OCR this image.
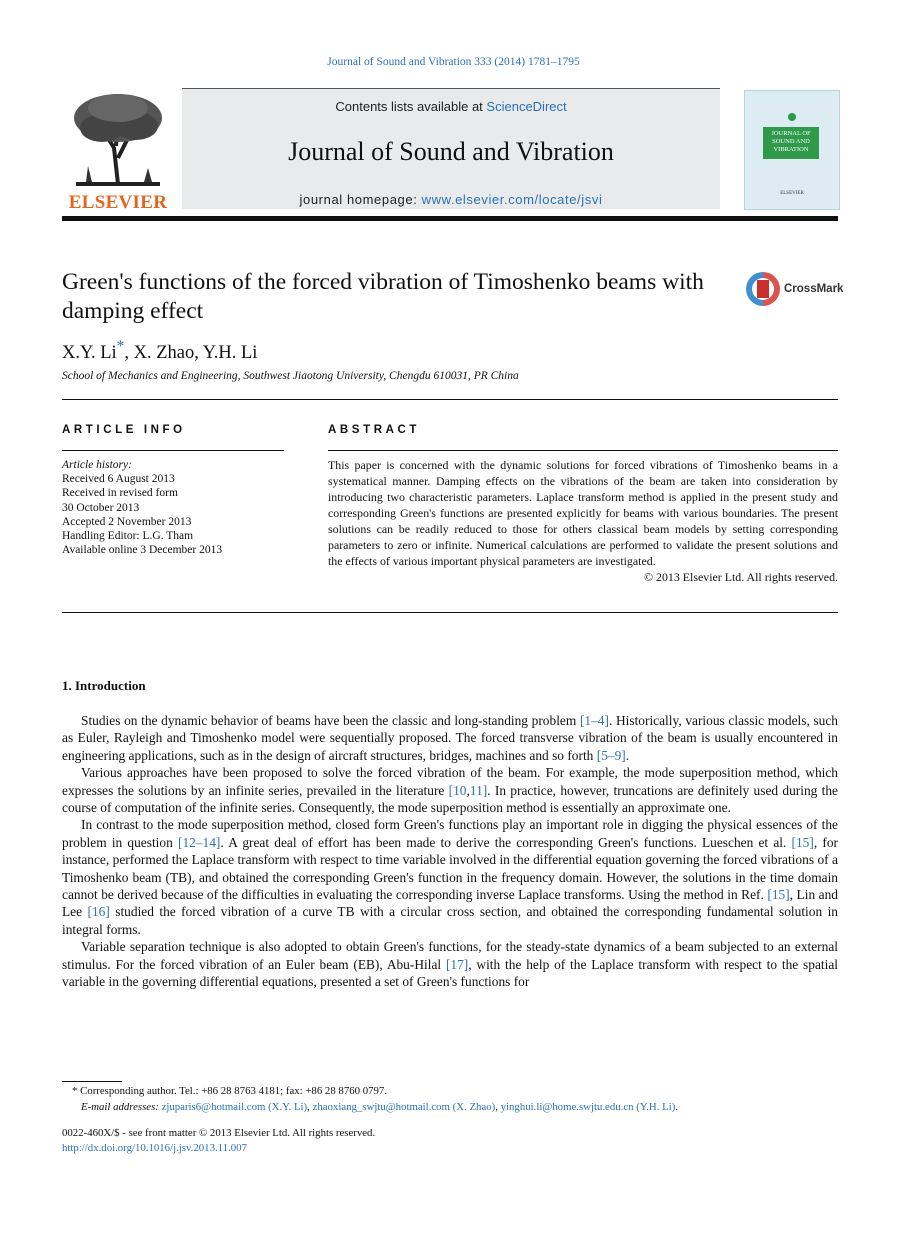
Journal of Sound and Vibration 333 (2014) 1781–1795
ELSEVIER
Contents lists available at ScienceDirect
Journal of Sound and Vibration
journal homepage: www.elsevier.com/locate/jsvi
JOURNAL OF SOUND AND VIBRATION
ELSEVIER
Green's functions of the forced vibration of Timoshenko beams with damping effect
CrossMark
X.Y. Li*, X. Zhao, Y.H. Li
School of Mechanics and Engineering, Southwest Jiaotong University, Chengdu 610031, PR China
ARTICLE INFO
Article history:
Received 6 August 2013
Received in revised form
30 October 2013
Accepted 2 November 2013
Handling Editor: L.G. Tham
Available online 3 December 2013
ABSTRACT
This paper is concerned with the dynamic solutions for forced vibrations of Timoshenko beams in a systematical manner. Damping effects on the vibrations of the beam are taken into consideration by introducing two characteristic parameters. Laplace transform method is applied in the present study and corresponding Green's functions are presented explicitly for beams with various boundaries. The present solutions can be readily reduced to those for others classical beam models by setting corresponding parameters to zero or infinite. Numerical calculations are performed to validate the present solutions and the effects of various important physical parameters are investigated.
© 2013 Elsevier Ltd. All rights reserved.
1. Introduction

Studies on the dynamic behavior of beams have been the classic and long-standing problem [1–4]. Historically, various classic models, such as Euler, Rayleigh and Timoshenko model were sequentially proposed. The forced transverse vibration of the beam is usually encountered in engineering applications, such as in the design of aircraft structures, bridges, machines and so forth [5–9].

Various approaches have been proposed to solve the forced vibration of the beam. For example, the mode superposition method, which expresses the solutions by an infinite series, prevailed in the literature [10,11]. In practice, however, truncations are definitely used during the course of computation of the infinite series. Consequently, the mode superposition method is essentially an approximate one.

In contrast to the mode superposition method, closed form Green's functions play an important role in digging the physical essences of the problem in question [12–14]. A great deal of effort has been made to derive the corresponding Green's functions. Lueschen et al. [15], for instance, performed the Laplace transform with respect to time variable involved in the differential equation governing the forced vibrations of a Timoshenko beam (TB), and obtained the corresponding Green's function in the frequency domain. However, the solutions in the time domain cannot be derived because of the difficulties in evaluating the corresponding inverse Laplace transforms. Using the method in Ref. [15], Lin and Lee [16] studied the forced vibration of a curve TB with a circular cross section, and obtained the corresponding fundamental solution in integral forms.

Variable separation technique is also adopted to obtain Green's functions, for the steady-state dynamics of a beam subjected to an external stimulus. For the forced vibration of an Euler beam (EB), Abu-Hilal [17], with the help of the Laplace transform with respect to the spatial variable in the governing differential equations, presented a set of Green's functions for

* Corresponding author. Tel.: +86 28 8763 4181; fax: +86 28 8760 0797.
E-mail addresses: zjuparis6@hotmail.com (X.Y. Li), zhaoxiang_swjtu@hotmail.com (X. Zhao), yinghui.li@home.swjtu.edu.cn (Y.H. Li).
0022-460X/$ - see front matter © 2013 Elsevier Ltd. All rights reserved.
http://dx.doi.org/10.1016/j.jsv.2013.11.007
